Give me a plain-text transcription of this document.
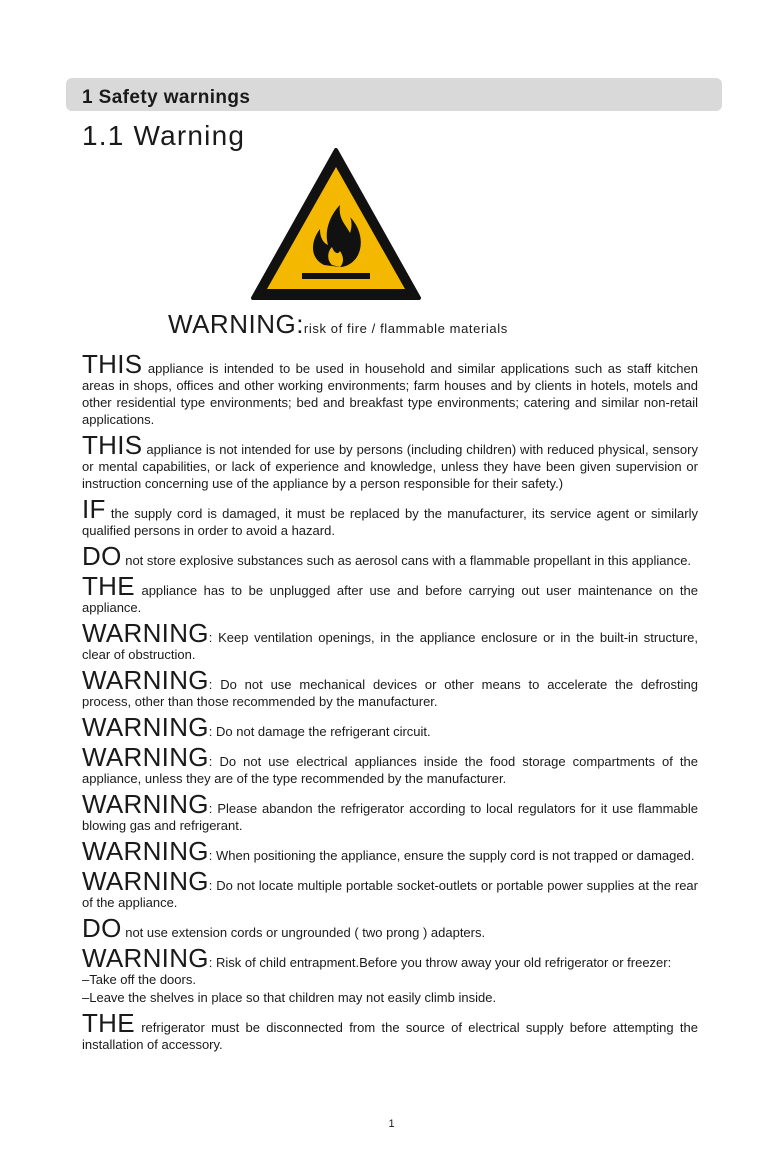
1 Safety warnings
1.1 Warning
WARNING:risk of fire / flammable materials

THIS appliance is intended to be used in household and similar applications such as staff kitchen areas in shops, offices and other working environments; farm houses and by clients in hotels, motels and other residential type environments; bed and breakfast type environments; catering and similar non-retail applications.

THIS appliance is not intended for use by persons (including children) with reduced physical, sensory or mental capabilities, or lack of experience and knowledge, unless they have been given supervision or instruction concerning use of the appliance by a person responsible for their safety.)

IF the supply cord is damaged, it must be replaced by the manufacturer, its service agent or similarly qualified persons in order to avoid a hazard.

DO not store explosive substances such as aerosol cans with a flammable propellant in this appliance.

THE appliance has to be unplugged after use and before carrying out user maintenance on the appliance.

WARNING: Keep ventilation openings, in the appliance enclosure or in the built-in structure, clear of obstruction.

WARNING: Do not use mechanical devices or other means to accelerate the defrosting process, other than those recommended by the manufacturer.

WARNING: Do not damage the refrigerant circuit.

WARNING: Do not use electrical appliances inside the food storage compartments of the appliance, unless they are of the type recommended by the manufacturer.

WARNING: Please abandon the refrigerator according to local regulators for it use flammable blowing gas and refrigerant.

WARNING: When positioning the appliance, ensure the supply cord is not trapped or damaged.

WARNING: Do not locate multiple portable socket-outlets or portable power supplies at the rear of the appliance.

DO not use extension cords or ungrounded ( two prong ) adapters.

WARNING: Risk of child entrapment.Before you throw away your old refrigerator or freezer:

–Take off the doors.

–Leave the shelves in place so that children may not easily climb inside.

THE refrigerator must be disconnected from the source of electrical supply before attempting the installation of accessory.

1
